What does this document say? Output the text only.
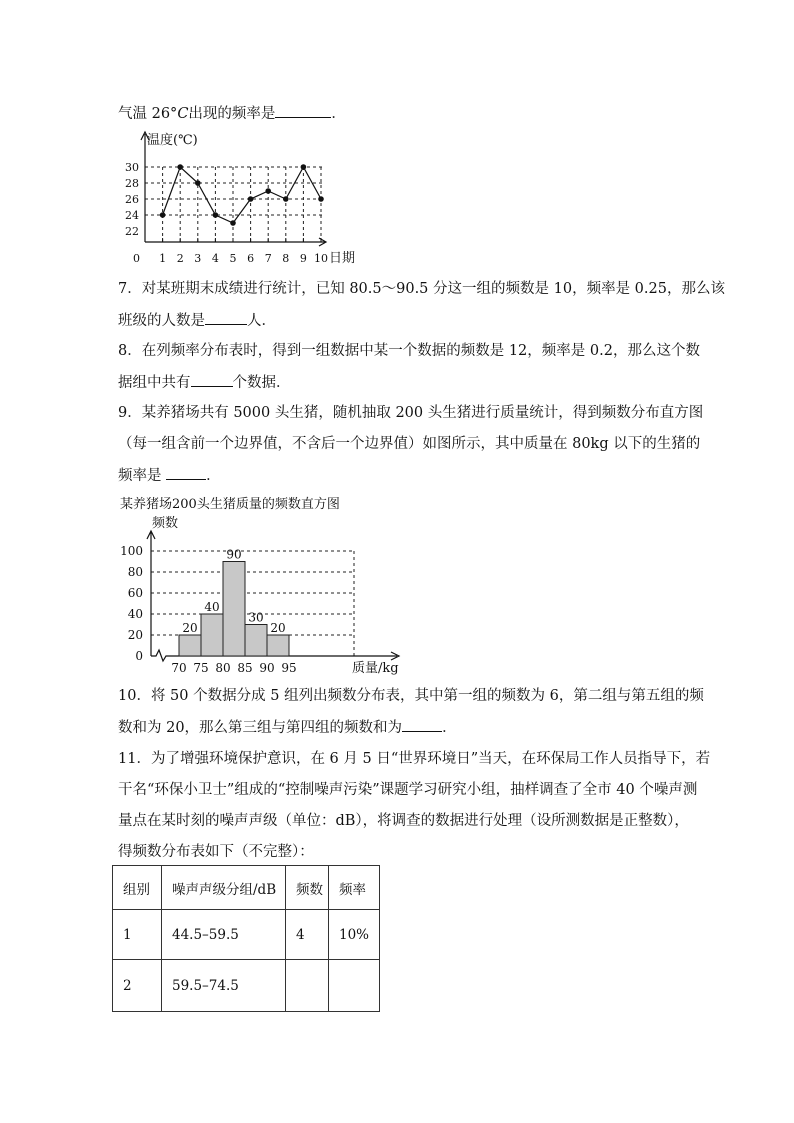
气温 26°C出现的频率是	．
30
28
26
24
22
1 2 3 4 5 6 7 8 9 10
温度(℃)
日期
0
7．对某班期末成绩进行统计，已知 80.5～90.5 分这一组的频数是 10，频率是 0.25，那么该
班级的人数是	人．
8．在列频率分布表时，得到一组数据中某一个数据的频数是 12，频率是 0.2，那么这个数
据组中共有	个数据．
9．某养猪场共有 5000 头生猪，随机抽取 200 头生猪进行质量统计，得到频数分布直方图
（每一组含前一个边界值，不含后一个边界值）如图所示，其中质量在 80kg 以下的生猪的
频率是	．
某养猪场200头生猪质量的频数直方图
频数
20
40
90
30
20
100
80
60
40
20
0
70 75 80 85 90 95	质量/kg
10．将 50 个数据分成 5 组列出频数分布表，其中第一组的频数为 6，第二组与第五组的频
数和为 20，那么第三组与第四组的频数和为	．
11．为了增强环境保护意识，在 6 月 5 日“世界环境日”当天，在环保局工作人员指导下，若
干名“环保小卫士”组成的“控制噪声污染”课题学习研究小组，抽样调查了全市 40 个噪声测
量点在某时刻的噪声声级（单位：dB），将调查的数据进行处理（设所测数据是正整数），
得频数分布表如下（不完整）：
组别	噪声声级分组/dB	频数	频率
1	44.5–59.5	4	10%
2	59.5–74.5		
